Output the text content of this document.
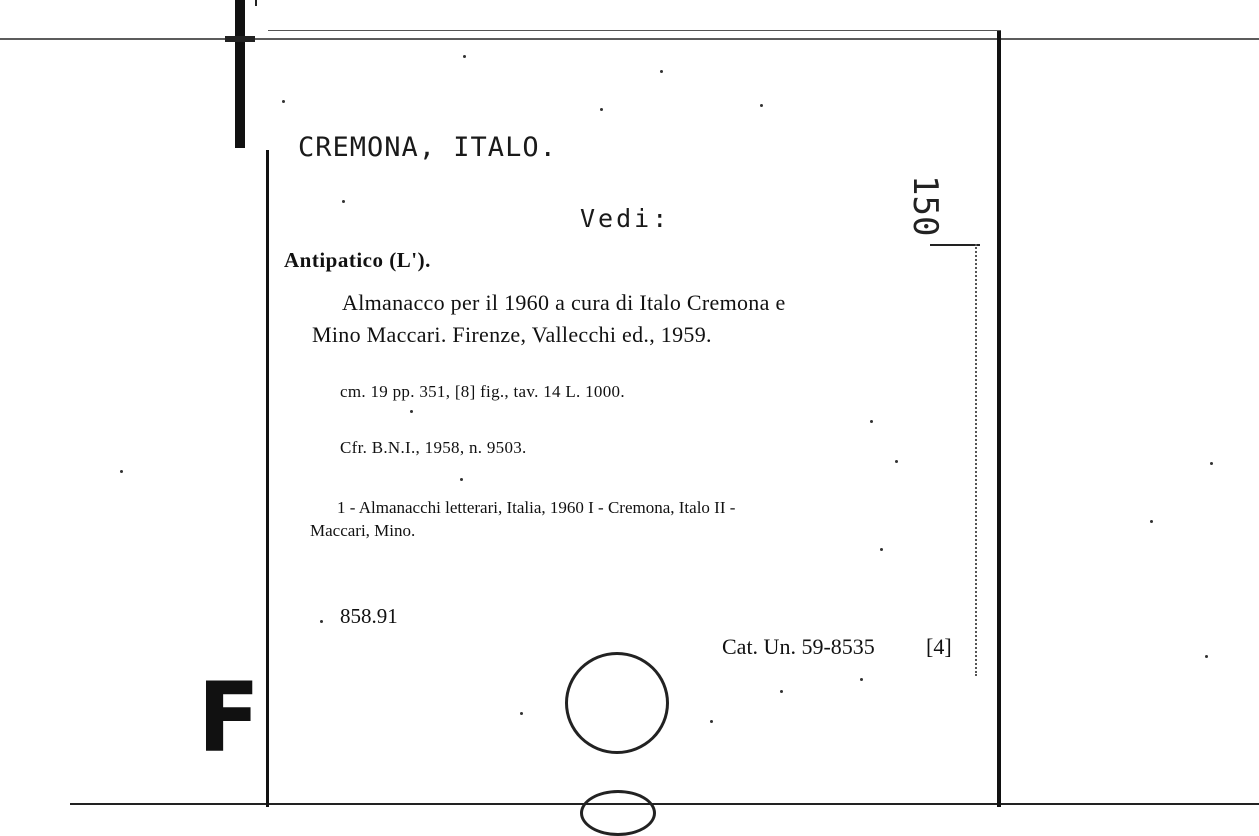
CREMONA, ITALO.
Vedi:	150
Antipatico (L').
Almanacco per il 1960 a cura di Italo Cremona e
Mino Maccari. Firenze, Vallecchi ed., 1959.
cm. 19 pp. 351, [8] fig., tav. 14 L. 1000.
Cfr. B.N.I., 1958, n. 9503.
1 - Almanacchi letterari, Italia, 1960 I - Cremona, Italo II -
Maccari, Mino.
858.91
Cat. Un. 59-8535 [4]
F
